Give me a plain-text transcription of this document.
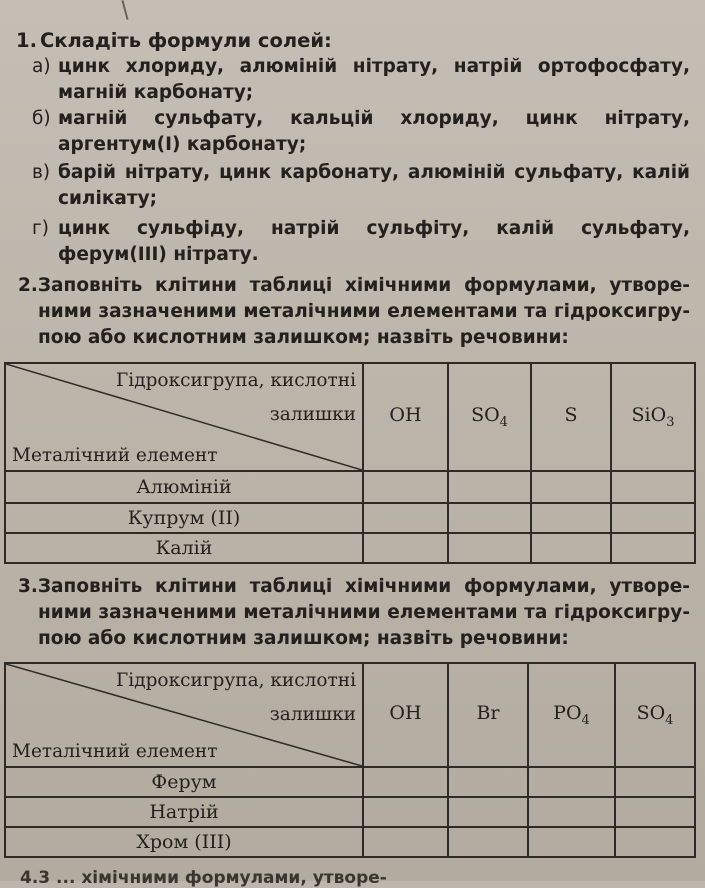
1. Складіть формули солей:
а) цинк хлориду, алюміній нітрату, натрій ортофосфату,

магній карбонату;

б) магній сульфату, кальцій хлориду, цинк нітрату,

аргентум(І) карбонату;

в) барій нітрату, цинк карбонату, алюміній сульфату, калій

силікату;

г) цинк сульфіду, натрій сульфіту, калій сульфату,

ферум(ІІІ) нітрату.

2.Заповніть клітини таблиці хімічними формулами, утворе-

ними зазначеними металічними елементами та гідроксигру-

пою або кислотним залишком; назвіть речовини:

Гідроксигрупа, кислотні
залишки
Металічний елемент	OH	$SO_4$	S	SiO$_3$
Алюміній				
Купрум (ІІ)				
Калій				

3.Заповніть клітини таблиці хімічними формулами, утворе-

ними зазначеними металічними елементами та гідроксигру-

пою або кислотним залишком; назвіть речовини:

Гідроксигрупа, кислотні
залишки
Металічний елемент	OH	Br	$PO_4$	$SO_4$
Ферум				
Натрій				
Хром (ІІІ)				
4.3 ... хімічними формулами, утворе-
